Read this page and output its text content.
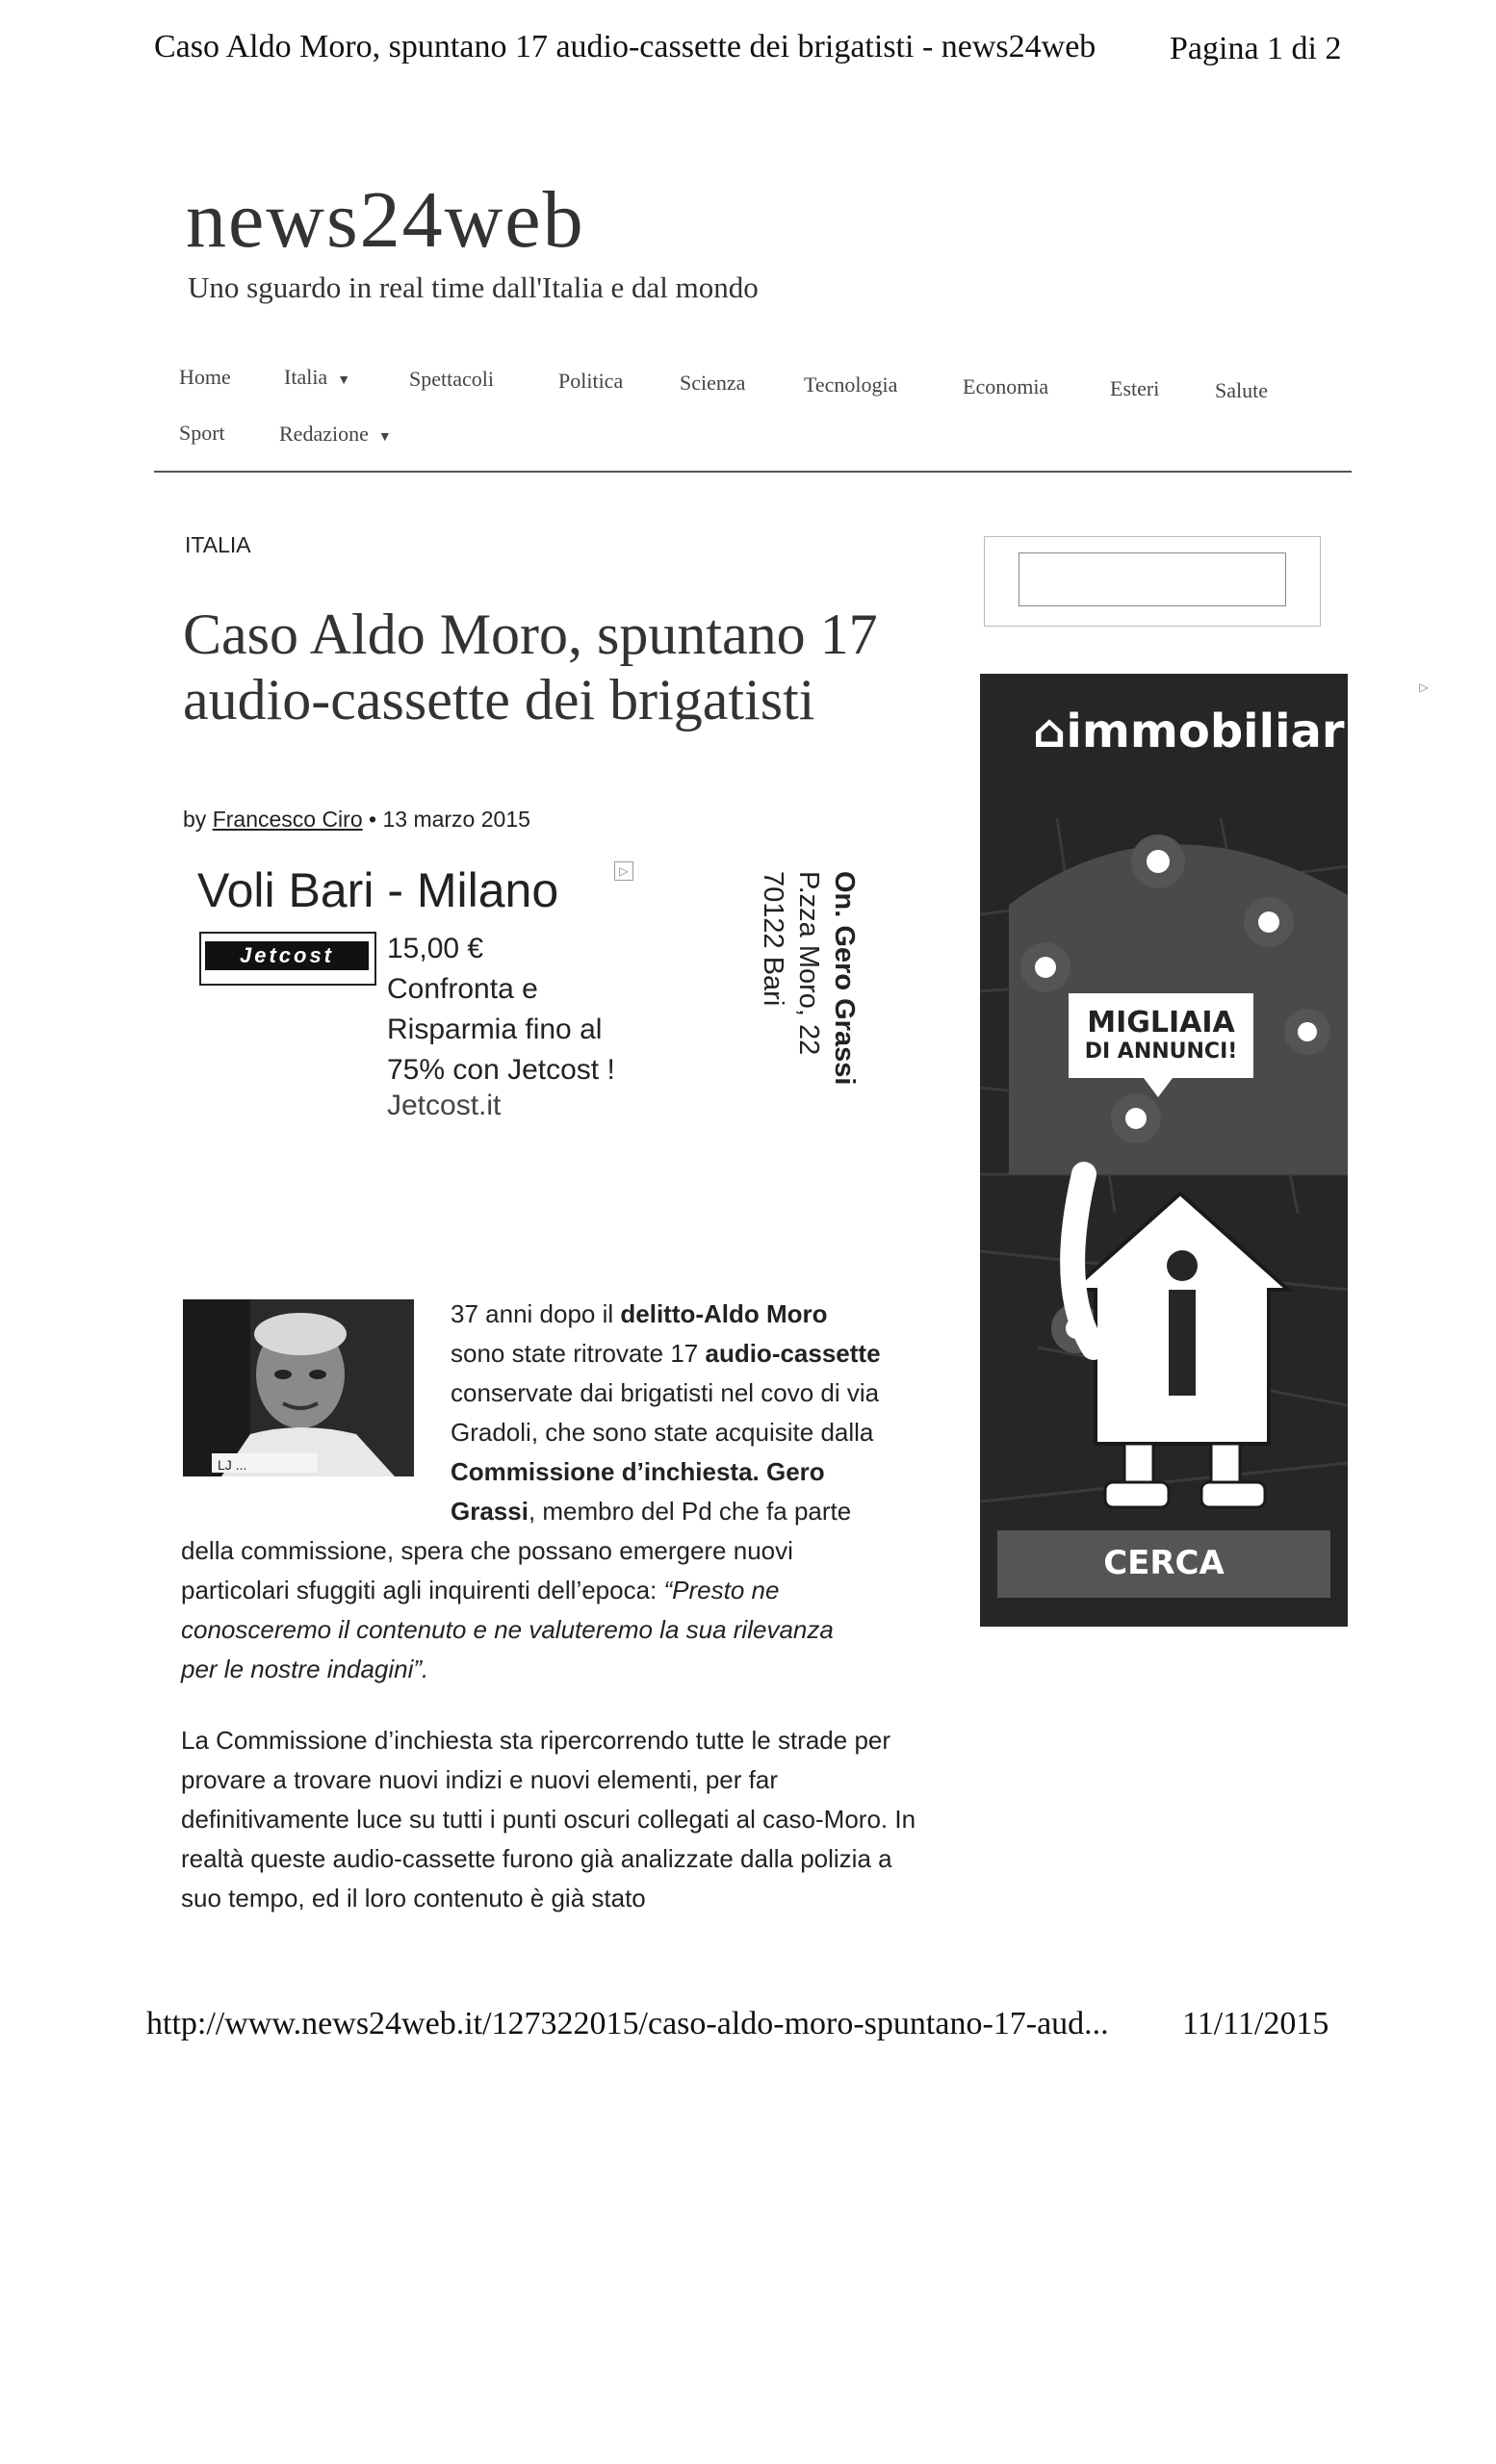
Caso Aldo Moro, spuntano 17 audio-cassette dei brigatisti - news24web Pagina 1 di 2
news24web
Uno sguardo in real time dall'Italia e dal mondo
Home	Italia ▼	Spettacoli	Politica	Scienza	Tecnologia	Economia	Esteri	Salute
Sport	Redazione ▼
ITALIA
Caso Aldo Moro, spuntano 17 audio-cassette dei brigatisti
by Francesco Ciro • 13 marzo 2015
Voli Bari - Milano	▷
Jetcost	15,00 €
Confronta e
Risparmia fino al
75% con Jetcost !
Jetcost.it
On. Gero Grassi
P.zza Moro, 22
70122 Bari
LJ ...
37 anni dopo il delitto-Aldo Moro
sono state ritrovate 17 audio-cassette
conservate dai brigatisti nel covo di via
Gradoli, che sono state acquisite dalla
Commissione d’inchiesta. Gero
Grassi, membro del Pd che fa parte
della commissione, spera che possano emergere nuovi
particolari sfuggiti agli inquirenti dell’epoca: “Presto ne
conosceremo il contenuto e ne valuteremo la sua rilevanza
per le nostre indagini”.
La Commissione d’inchiesta sta ripercorrendo tutte le strade per provare a trovare nuovi indizi e nuovi elementi, per far definitivamente luce su tutti i punti oscuri collegati al caso-Moro. In realtà queste audio-cassette furono già analizzate dalla polizia a suo tempo, ed il loro contenuto è già stato
▷
⌂immobiliar
MIGLIAIA
DI ANNUNCI!
CERCA
http://www.news24web.it/127322015/caso-aldo-moro-spuntano-17-aud... 11/11/2015
